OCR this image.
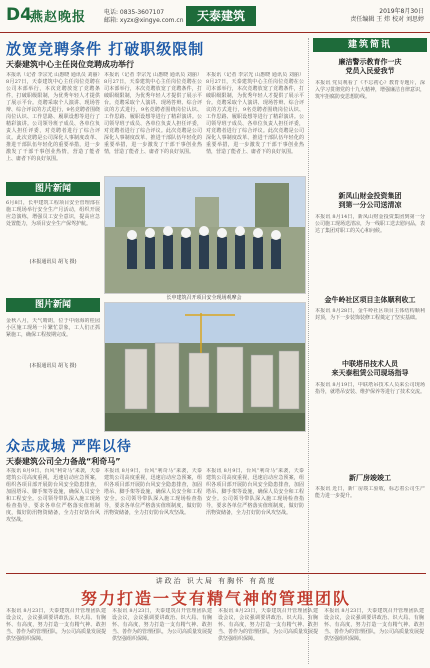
D4
燕赵晚报	电话: 0835-3607107
邮箱: xyzx@xingye.com.cn	天泰建筑	2019年8月30日
责任编辑 王 炜 校对 刘思婷
放宽竞聘条件 打破职级限制
天泰建筑中心主任岗位竞聘成功举行
本报讯（记者 李宗光 山惠晓 通讯员 刘丽）8月27日，天泰建筑中心主任岗位竞聘在公司本部举行，本次竞聘放宽了竞聘条件，打破职级限制，为优秀年轻人才提供了展示平台。竞聘采取个人演讲、现场答辩、综合评议的方式进行，9名竞聘者围绕岗位认识、工作思路、履职设想等进行了精彩演讲。公司领导班子成员、各单位负责人担任评委，对竞聘者进行了综合评议。此次竞聘是公司深化人事制度改革、推进干部队伍年轻化的重要举措，进一步激发了干部干事创业热情，营造了能者上、庸者下的良好氛围。
本报讯（记者 李宗光 山惠晓 通讯员 刘丽）8月27日，天泰建筑中心主任岗位竞聘在公司本部举行，本次竞聘放宽了竞聘条件，打破职级限制，为优秀年轻人才提供了展示平台。竞聘采取个人演讲、现场答辩、综合评议的方式进行，9名竞聘者围绕岗位认识、工作思路、履职设想等进行了精彩演讲。公司领导班子成员、各单位负责人担任评委，对竞聘者进行了综合评议。此次竞聘是公司深化人事制度改革、推进干部队伍年轻化的重要举措，进一步激发了干部干事创业热情，营造了能者上、庸者下的良好氛围。
本报讯（记者 李宗光 山惠晓 通讯员 刘丽）8月27日，天泰建筑中心主任岗位竞聘在公司本部举行，本次竞聘放宽了竞聘条件，打破职级限制，为优秀年轻人才提供了展示平台。竞聘采取个人演讲、现场答辩、综合评议的方式进行，9名竞聘者围绕岗位认识、工作思路、履职设想等进行了精彩演讲。公司领导班子成员、各单位负责人担任评委，对竞聘者进行了综合评议。此次竞聘是公司深化人事制度改革、推进干部队伍年轻化的重要举措，进一步激发了干部干事创业热情，营造了能者上、庸者下的良好氛围。
图片新闻
6月8日，长申建筑工程项目安全管理部在施工现场举行安全生产月活动，组织开展应急演练，增强员工安全意识，提高应急处置能力，为项目安全生产保驾护航。
(本报通讯员 胡飞 摄)
图片新闻
金秋八月，天气晴朗，位于中南海的桂园小区施工现场一片繁忙景象，工人们正抓紧施工，确保工程按期完成。
(本报通讯员 胡飞 摄)
长申建筑召开项目安全现场观摩会
建筑简讯
廉洁警示教育作一庆
党员入民爱我节
本报讯 党员观看了《不忘初心》教育专题片，深入学习贯彻党的十九大精神，增强廉洁自律意识，筑牢拒腐防变思想防线。
新凤山财金投资集团
到第一分公司送清凉
本报讯 8月14日，新凤山财金投资集团到第一分公司施工现场送清凉，为一线职工送去慰问品，表达了集团对职工的关心和问候。
金牛岭社区项目主体顺利收工
本报讯 8月28日，金牛岭社区项目主体结构顺利封顶，为下一步装饰装修工程奠定了坚实基础。
中联塔吊技术人员
来天泰租赁公司现场指导
本报讯 8月19日，中联塔吊技术人员来公司现场指导，就塔吊安装、维护保养等进行了技术交流。
新厂房竣竣工
本报讯 近日，新厂房竣工验收，标志着公司生产能力进一步提升。
众志成城 严阵以待
天泰建筑公司全力备战“利奇马”
本报讯 8月9日，台风“利奇马”来袭，天泰建筑公司高度重视，迅速启动应急预案，组织各项目部开展防台风安全隐患排查，加固塔吊、脚手架等设施，确保人员安全和工程安全。公司领导带队深入施工现场检查指导，要求各单位严格落实值班制度，做好防汛物资储备，全力打好防台风攻坚战。
本报讯 8月9日，台风“利奇马”来袭，天泰建筑公司高度重视，迅速启动应急预案，组织各项目部开展防台风安全隐患排查，加固塔吊、脚手架等设施，确保人员安全和工程安全。公司领导带队深入施工现场检查指导，要求各单位严格落实值班制度，做好防汛物资储备，全力打好防台风攻坚战。
本报讯 8月9日，台风“利奇马”来袭，天泰建筑公司高度重视，迅速启动应急预案，组织各项目部开展防台风安全隐患排查，加固塔吊、脚手架等设施，确保人员安全和工程安全。公司领导带队深入施工现场检查指导，要求各单位严格落实值班制度，做好防汛物资储备，全力打好防台风攻坚战。
讲政治 识大局 有胸怀 有高度
努力打造一支有精气神的管理团队
本报讯 8月23日，天泰建筑召开管理团队建设会议，会议强调要讲政治、识大局、有胸怀、有高度，努力打造一支有精气神、敢担当、善作为的管理团队，为公司高质量发展提供坚强组织保障。
本报讯 8月23日，天泰建筑召开管理团队建设会议，会议强调要讲政治、识大局、有胸怀、有高度，努力打造一支有精气神、敢担当、善作为的管理团队，为公司高质量发展提供坚强组织保障。
本报讯 8月23日，天泰建筑召开管理团队建设会议，会议强调要讲政治、识大局、有胸怀、有高度，努力打造一支有精气神、敢担当、善作为的管理团队，为公司高质量发展提供坚强组织保障。
本报讯 8月23日，天泰建筑召开管理团队建设会议，会议强调要讲政治、识大局、有胸怀、有高度，努力打造一支有精气神、敢担当、善作为的管理团队，为公司高质量发展提供坚强组织保障。
